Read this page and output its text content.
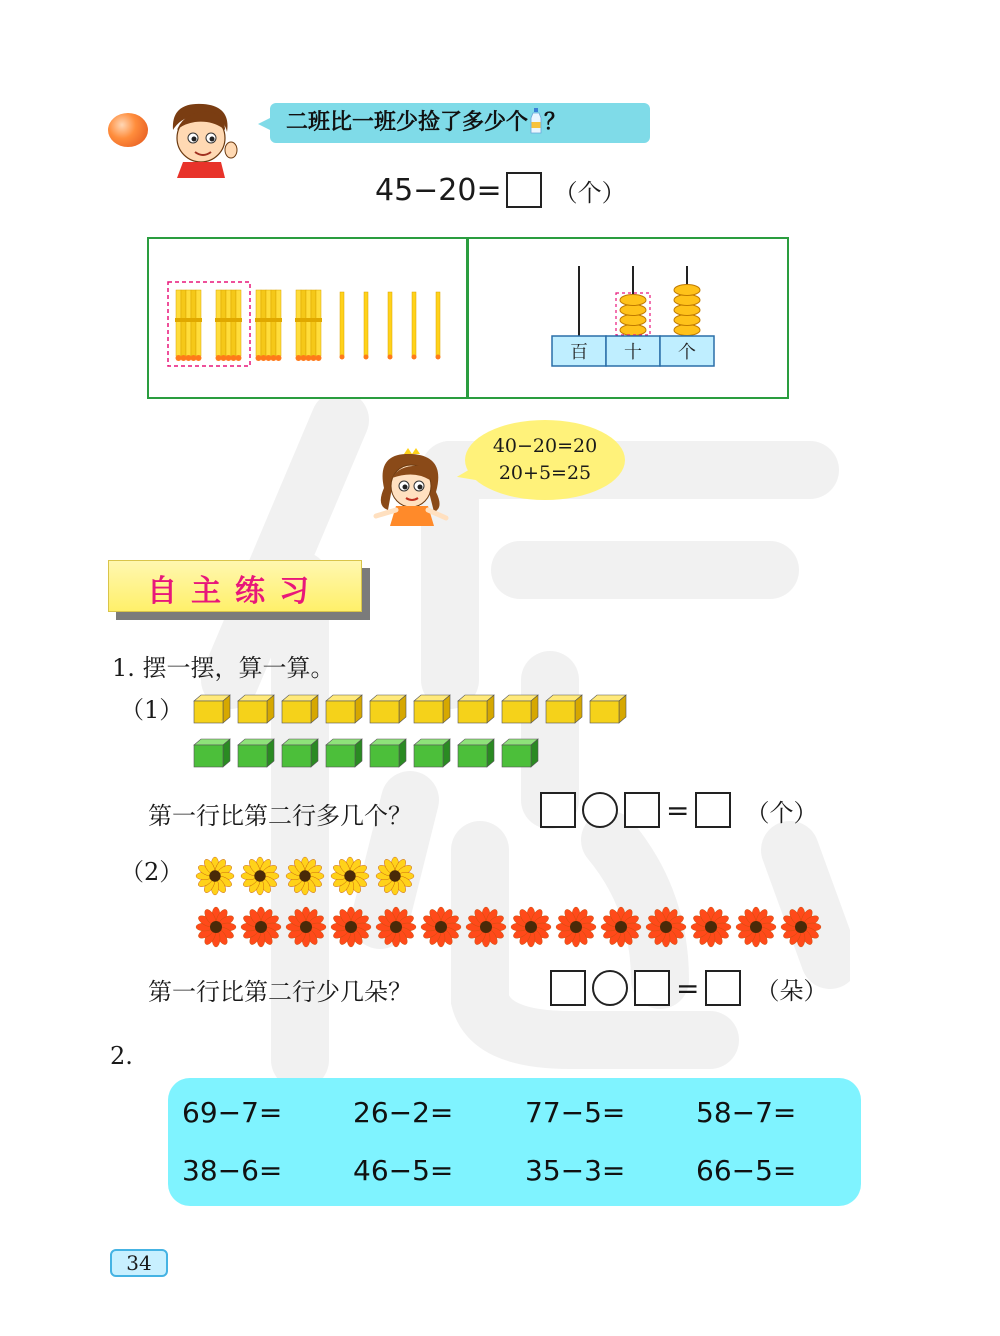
二班比一班少捡了多少个 ？
45−20= （个）
百 十 个
40−20=20
20+5=25
自主练习
1. 摆一摆，算一算。
（1）
第一行比第二行多几个？	= （个）
（2）
第一行比第二行少几朵？	= （朵）
2.
69−7=	26−2=	77−5=	58−7=
38−6=	46−5=	35−3=	66−5=
34
